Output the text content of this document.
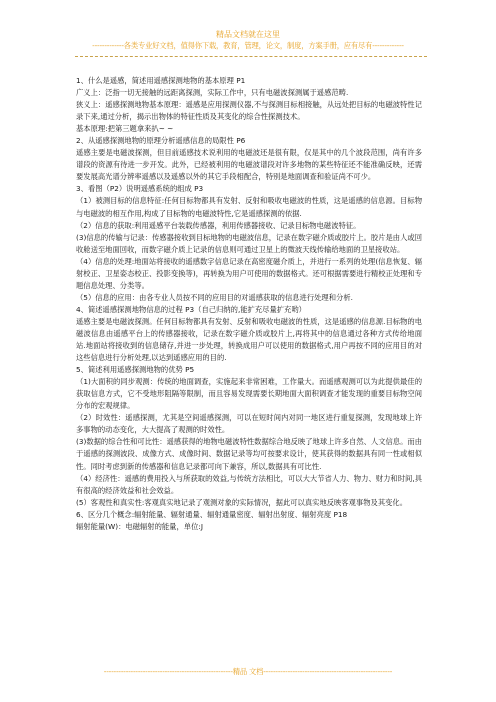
精品文档就在这里
-------------各类专业好文档，值得你下载，教育，管理，论文，制度，方案手册，应有尽有-------------

1、什么是遥感，简述用遥感探测地物的基本原理 P1

广义上：泛指一切无接触的远距离探测，实际工作中，只有电磁波探测属于遥感范畴.

狭义上：遥感探测地物基本原理：遥感是应用探测仪器,不与探测目标相接触，从远处把目标的电磁波特性记录下来,通过分析，揭示出物体的特征性质及其变化的综合性探测技术。

基本原理:把第三题拿来扒~ ~

2、从遥感探测地物的原理分析遥感信息的局限性 P6

遥感主要是电磁波探测，但目前遥感技术说利用的电磁波还是很有限，仅是其中的几个波段范围，尚有许多谱段的资源有待进一步开发。此外，已经被利用的电磁波谱段对许多地物的某些特征还不能准确反映，还需要发展高光谱分辨率遥感以及遥感以外的其它手段相配合，特别是地面调查和验证尚不可少。

3、看图（P2）说明遥感系统的组成 P3

（1）被测目标的信息特征:任何目标物都具有发射、反射和吸收电磁波的性质，这是遥感的信息源。目标物与电磁波的相互作用,构成了目标物的电磁波特性,它是遥感探测的依据.

（2）信息的获取:利用遥感平台装载传感器，利用传感器接收、记录目标物电磁波特征。

(3)信息的传输与记录：传感器接收到目标地物的电磁波信息，记录在数字磁介质或胶片上。胶片是由人或回收舱送至地面回收，而数字磁介质上记录的信息则可通过卫星上的微波天线传输给地面的卫星接收站。

（4）信息的处理:地面站将接收的遥感数字信息记录在高密度磁介质上，并进行一系列的处理(信息恢复、辐射校正、卫星姿态校正、投影变换等)，再转换为用户可使用的数据格式。还可根据需要进行精校正处理和专题信息处理、分类等。

（5）信息的应用：由各专业人员按不同的应用目的对遥感获取的信息进行处理和分析.

4、简述遥感探测地物信息的过程 P3（自己归纳的,能扩充尽量扩充哟）

遥感主要是电磁波探测。任何目标物都具有发射、反射和吸收电磁波的性质，这是遥感的信息源.目标物的电磁波信息由遥感平台上的传感器接收，记录在数字磁介质或胶片上,再将其中的信息通过各种方式传给地面站.地面站将接收到的信息储存,并进一步处理，转换成用户可以使用的数据格式,用户再按不同的应用目的对这些信息进行分析处理,以达到遥感应用的目的.

5、简述利用遥感探测地物的优势 P5

（1)大面积的同步观测：传统的地面调查，实施起来非常困难，工作量大。而遥感观测可以为此提供最佳的获取信息方式，它不受地形阻隔等限制，而且容易发现需要长期地面大面积调查才能发现的重要目标物空间分布的宏观规律。

（2）时效性：遥感探测，尤其是空间遥感探测，可以在短时间内对同一地区进行重复探测，发现地球上许多事物的动态变化，大大提高了观测的时效性。

(3)数据的综合性和可比性：遥感获得的地物电磁波特性数据综合地反映了地球上许多自然、人文信息。而由于遥感的探测波段、成像方式、成像时间、数据记录等均可按要求设计，使其获得的数据具有同一性或相似性。同时考虑到新的传感器和信息记录都可向下兼容，所以,数据具有可比性.

（4）经济性：遥感的费用投入与所获取的效益,与传统方法相比，可以大大节省人力、物力、财力和时间,具有很高的经济效益和社会效益。

(5）客观性和真实性:客观真实地记录了观测对象的实际情况，据此可以真实地反映客观事物及其变化。

6、区分几个概念:辐射能量、辐射通量、辐射通量密度、辐射出射度、辐射亮度 P18

辐射能量(W)：电磁辐射的能量，单位:J

-----------------------------------------------------精品 文档-----------------------------------------------------
